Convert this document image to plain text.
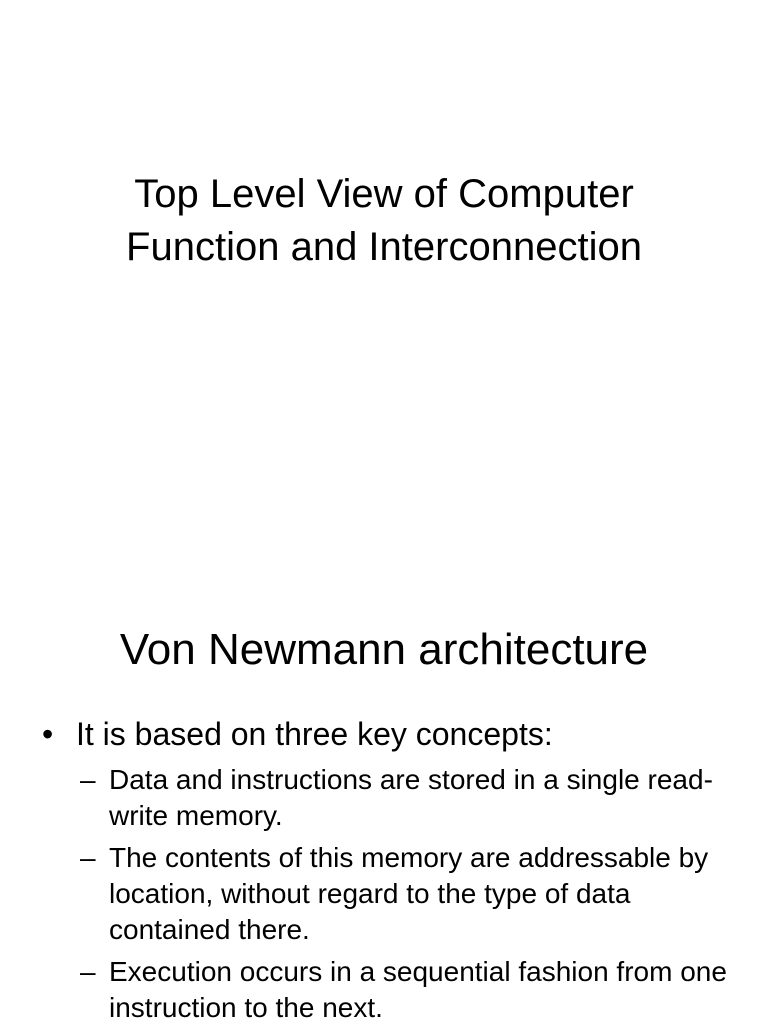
Top Level View of Computer
Function and Interconnection
Von Newmann architecture
• It is based on three key concepts:
– Data and instructions are stored in a single read-write memory.
– The contents of this memory are addressable by location, without regard to the type of data contained there.
– Execution occurs in a sequential fashion from one instruction to the next.
